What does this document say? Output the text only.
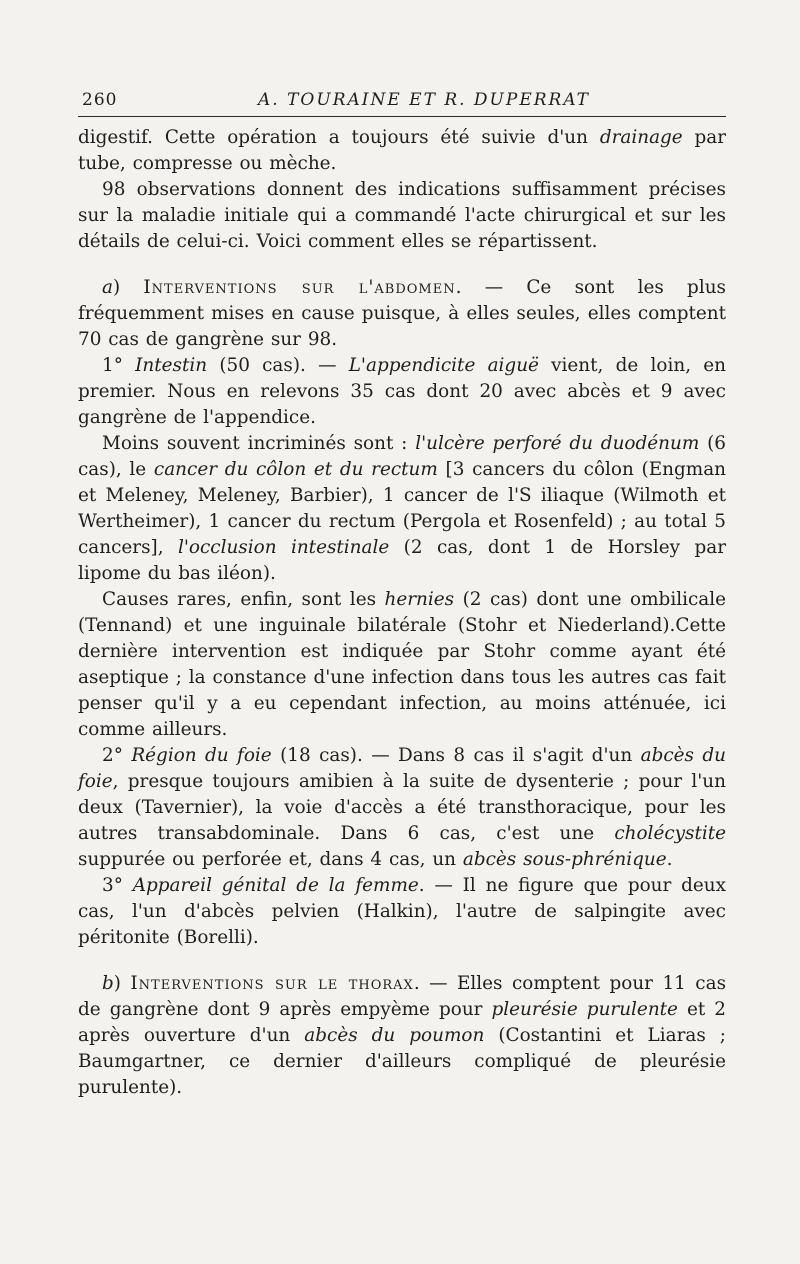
260	A. TOURAINE ET R. DUPERRAT

digestif. Cette opération a toujours été suivie d'un drainage par tube, compresse ou mèche.

98 observations donnent des indications suffisamment précises sur la maladie initiale qui a commandé l'acte chirurgical et sur les détails de celui-ci. Voici comment elles se répartissent.

a) Interventions sur l'abdomen. — Ce sont les plus fréquemment mises en cause puisque, à elles seules, elles comptent 70 cas de gangrène sur 98.

1° Intestin (50 cas). — L'appendicite aiguë vient, de loin, en premier. Nous en relevons 35 cas dont 20 avec abcès et 9 avec gangrène de l'appendice.

Moins souvent incriminés sont : l'ulcère perforé du duodénum (6 cas), le cancer du côlon et du rectum [3 cancers du côlon (Engman et Meleney, Meleney, Barbier), 1 cancer de l'S iliaque (Wilmoth et Wertheimer), 1 cancer du rectum (Pergola et Rosenfeld) ; au total 5 cancers], l'occlusion intestinale (2 cas, dont 1 de Horsley par lipome du bas iléon).

Causes rares, enfin, sont les hernies (2 cas) dont une ombilicale (Tennand) et une inguinale bilatérale (Stohr et Niederland).Cette dernière intervention est indiquée par Stohr comme ayant été aseptique ; la constance d'une infection dans tous les autres cas fait penser qu'il y a eu cependant infection, au moins atténuée, ici comme ailleurs.

2° Région du foie (18 cas). — Dans 8 cas il s'agit d'un abcès du foie, presque toujours amibien à la suite de dysenterie ; pour l'un deux (Tavernier), la voie d'accès a été transthoracique, pour les autres transabdominale. Dans 6 cas, c'est une cholécystite suppurée ou perforée et, dans 4 cas, un abcès sous-phrénique.

3° Appareil génital de la femme. — Il ne figure que pour deux cas, l'un d'abcès pelvien (Halkin), l'autre de salpingite avec péritonite (Borelli).

b) Interventions sur le thorax. — Elles comptent pour 11 cas de gangrène dont 9 après empyème pour pleurésie purulente et 2 après ouverture d'un abcès du poumon (Costantini et Liaras ; Baumgartner, ce dernier d'ailleurs compliqué de pleurésie purulente).
